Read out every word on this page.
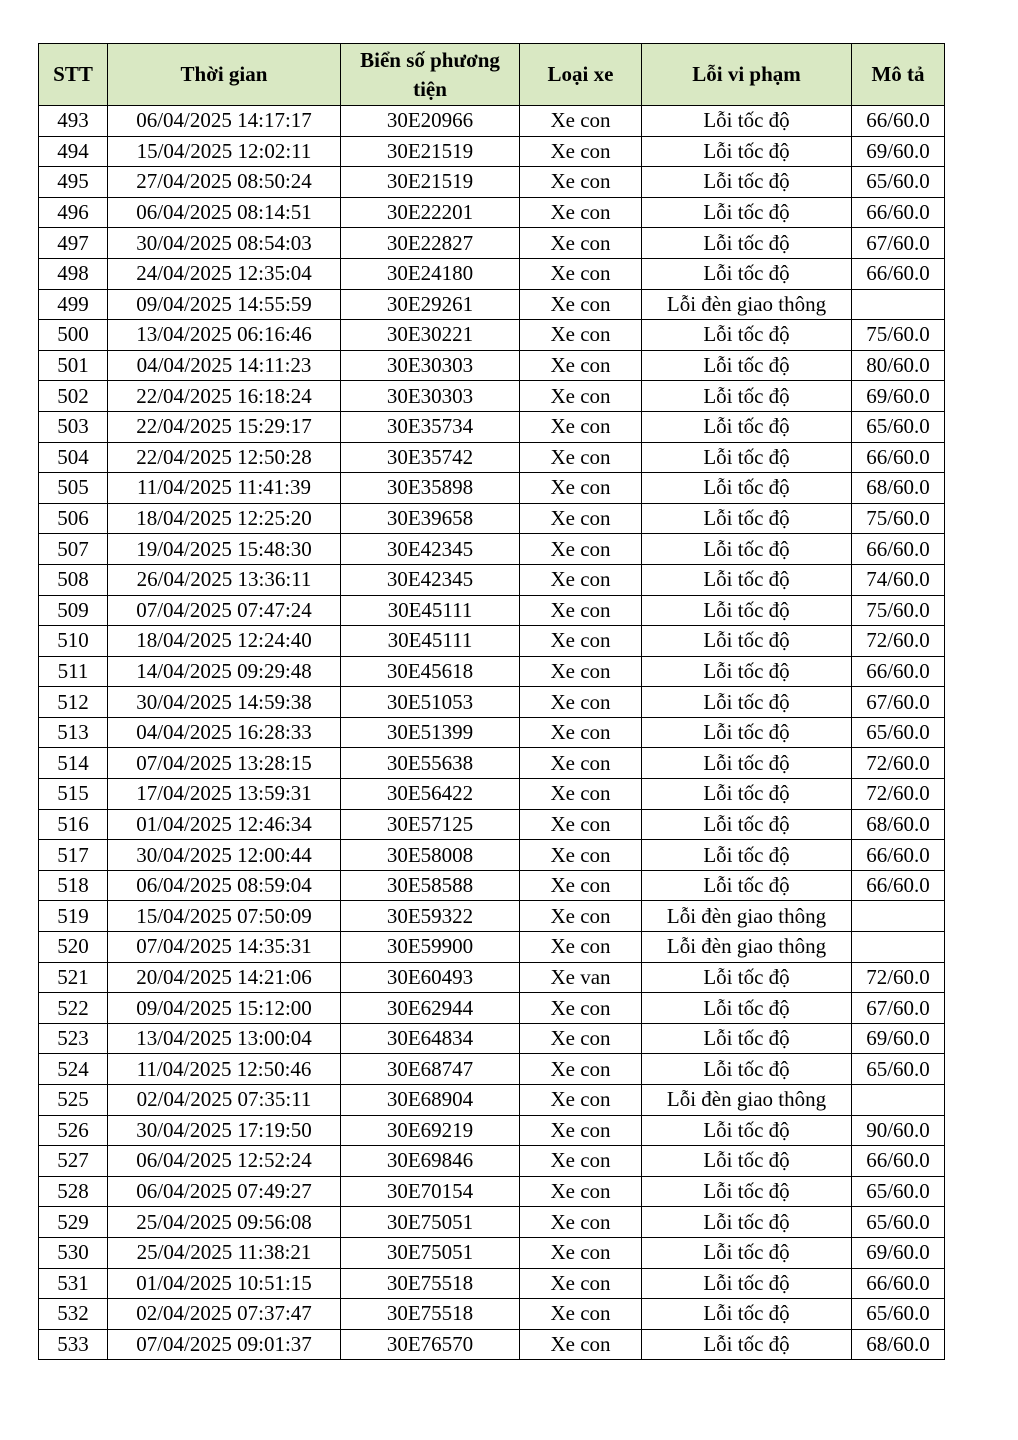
STT	Thời gian	Biển số phương tiện	Loại xe	Lỗi vi phạm	Mô tả
493	06/04/2025 14:17:17	30E20966	Xe con	Lỗi tốc độ	66/60.0
494	15/04/2025 12:02:11	30E21519	Xe con	Lỗi tốc độ	69/60.0
495	27/04/2025 08:50:24	30E21519	Xe con	Lỗi tốc độ	65/60.0
496	06/04/2025 08:14:51	30E22201	Xe con	Lỗi tốc độ	66/60.0
497	30/04/2025 08:54:03	30E22827	Xe con	Lỗi tốc độ	67/60.0
498	24/04/2025 12:35:04	30E24180	Xe con	Lỗi tốc độ	66/60.0
499	09/04/2025 14:55:59	30E29261	Xe con	Lỗi đèn giao thông	
500	13/04/2025 06:16:46	30E30221	Xe con	Lỗi tốc độ	75/60.0
501	04/04/2025 14:11:23	30E30303	Xe con	Lỗi tốc độ	80/60.0
502	22/04/2025 16:18:24	30E30303	Xe con	Lỗi tốc độ	69/60.0
503	22/04/2025 15:29:17	30E35734	Xe con	Lỗi tốc độ	65/60.0
504	22/04/2025 12:50:28	30E35742	Xe con	Lỗi tốc độ	66/60.0
505	11/04/2025 11:41:39	30E35898	Xe con	Lỗi tốc độ	68/60.0
506	18/04/2025 12:25:20	30E39658	Xe con	Lỗi tốc độ	75/60.0
507	19/04/2025 15:48:30	30E42345	Xe con	Lỗi tốc độ	66/60.0
508	26/04/2025 13:36:11	30E42345	Xe con	Lỗi tốc độ	74/60.0
509	07/04/2025 07:47:24	30E45111	Xe con	Lỗi tốc độ	75/60.0
510	18/04/2025 12:24:40	30E45111	Xe con	Lỗi tốc độ	72/60.0
511	14/04/2025 09:29:48	30E45618	Xe con	Lỗi tốc độ	66/60.0
512	30/04/2025 14:59:38	30E51053	Xe con	Lỗi tốc độ	67/60.0
513	04/04/2025 16:28:33	30E51399	Xe con	Lỗi tốc độ	65/60.0
514	07/04/2025 13:28:15	30E55638	Xe con	Lỗi tốc độ	72/60.0
515	17/04/2025 13:59:31	30E56422	Xe con	Lỗi tốc độ	72/60.0
516	01/04/2025 12:46:34	30E57125	Xe con	Lỗi tốc độ	68/60.0
517	30/04/2025 12:00:44	30E58008	Xe con	Lỗi tốc độ	66/60.0
518	06/04/2025 08:59:04	30E58588	Xe con	Lỗi tốc độ	66/60.0
519	15/04/2025 07:50:09	30E59322	Xe con	Lỗi đèn giao thông	
520	07/04/2025 14:35:31	30E59900	Xe con	Lỗi đèn giao thông	
521	20/04/2025 14:21:06	30E60493	Xe van	Lỗi tốc độ	72/60.0
522	09/04/2025 15:12:00	30E62944	Xe con	Lỗi tốc độ	67/60.0
523	13/04/2025 13:00:04	30E64834	Xe con	Lỗi tốc độ	69/60.0
524	11/04/2025 12:50:46	30E68747	Xe con	Lỗi tốc độ	65/60.0
525	02/04/2025 07:35:11	30E68904	Xe con	Lỗi đèn giao thông	
526	30/04/2025 17:19:50	30E69219	Xe con	Lỗi tốc độ	90/60.0
527	06/04/2025 12:52:24	30E69846	Xe con	Lỗi tốc độ	66/60.0
528	06/04/2025 07:49:27	30E70154	Xe con	Lỗi tốc độ	65/60.0
529	25/04/2025 09:56:08	30E75051	Xe con	Lỗi tốc độ	65/60.0
530	25/04/2025 11:38:21	30E75051	Xe con	Lỗi tốc độ	69/60.0
531	01/04/2025 10:51:15	30E75518	Xe con	Lỗi tốc độ	66/60.0
532	02/04/2025 07:37:47	30E75518	Xe con	Lỗi tốc độ	65/60.0
533	07/04/2025 09:01:37	30E76570	Xe con	Lỗi tốc độ	68/60.0
